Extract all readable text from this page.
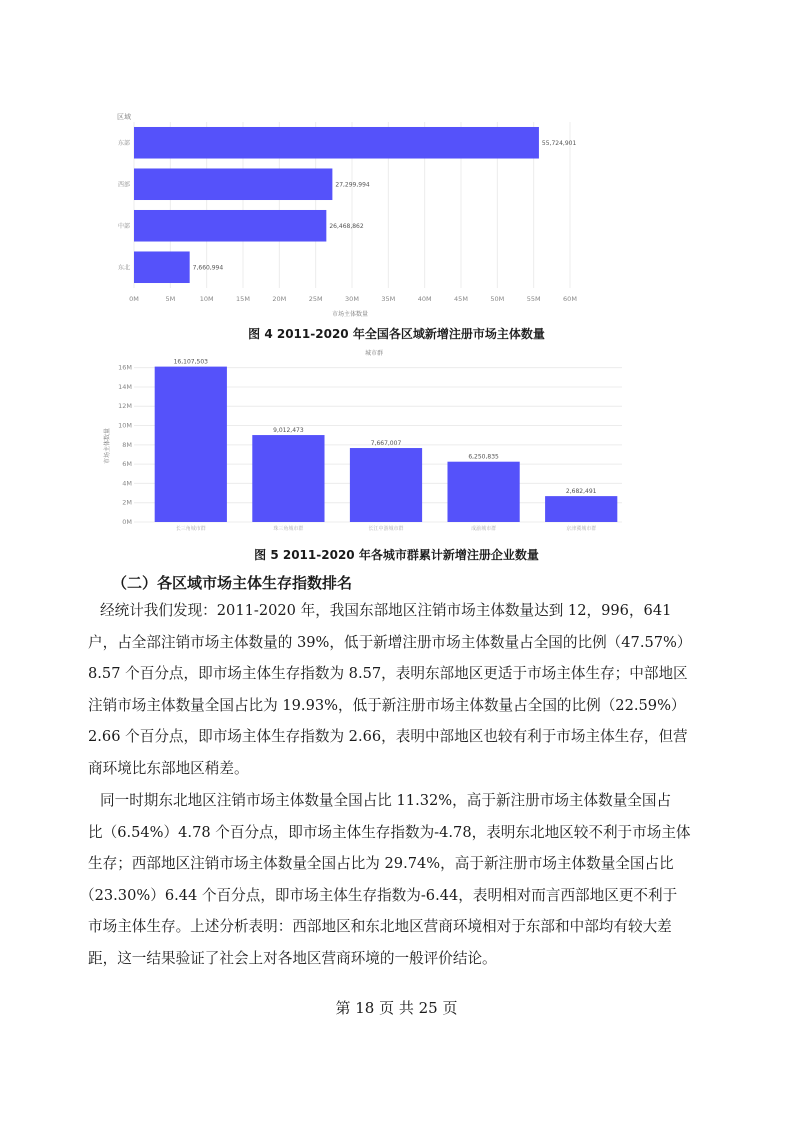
东部	55,724,901
西部	27,299,994
中部	26,468,862
东北	7,660,994
0M	5M	10M	15M	20M	25M	30M	35M	40M	45M	50M	55M	60M
区域
市场主体数量
图 4 2011-2020 年全国各区域新增注册市场主体数量
城市群
16,107,503
长三角城市群
9,012,473
珠三角城市群
7,667,007
长江中游城市群
6,250,835
成渝城市群
2,682,491
京津冀城市群
16M
14M
12M
10M
8M
6M
4M
2M
0M
市场主体数量
图 5 2011-2020 年各城市群累计新增注册企业数量
（二）各区域市场主体生存指数排名
经统计我们发现：2011-2020 年，我国东部地区注销市场主体数量达到 12，996，641
户，占全部注销市场主体数量的 39%，低于新增注册市场主体数量占全国的比例（47.57%）
8.57 个百分点，即市场主体生存指数为 8.57，表明东部地区更适于市场主体生存；中部地区
注销市场主体数量全国占比为 19.93%，低于新注册市场主体数量占全国的比例（22.59%）
2.66 个百分点，即市场主体生存指数为 2.66，表明中部地区也较有利于市场主体生存，但营
商环境比东部地区稍差。
同一时期东北地区注销市场主体数量全国占比 11.32%，高于新注册市场主体数量全国占
比（6.54%）4.78 个百分点，即市场主体生存指数为-4.78，表明东北地区较不利于市场主体
生存；西部地区注销市场主体数量全国占比为 29.74%，高于新注册市场主体数量全国占比
（23.30%）6.44 个百分点，即市场主体生存指数为-6.44，表明相对而言西部地区更不利于
市场主体生存。上述分析表明：西部地区和东北地区营商环境相对于东部和中部均有较大差
距，这一结果验证了社会上对各地区营商环境的一般评价结论。
第 18 页 共 25 页
